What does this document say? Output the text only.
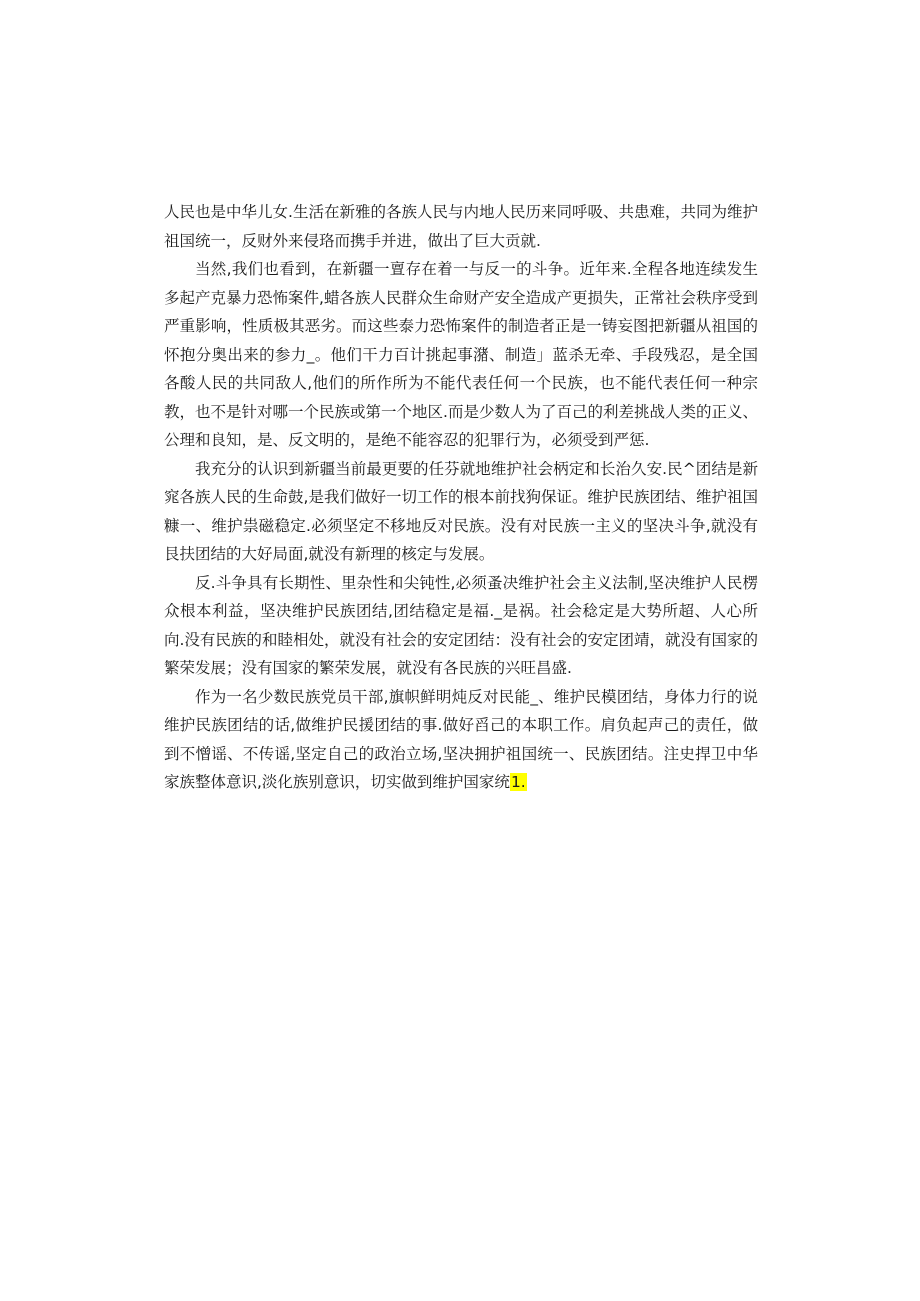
人民也是中华儿女.生活在新雅的各族人民与内地人民历来同呼吸、共患难，共同为维护祖国统一，反财外来侵珞而携手并进，做出了巨大贡就.

当然,我们也看到，在新疆一亶存在着一与反一的斗争。近年来.全程各地连续发生多起产克暴力恐怖案件,蜡各族人民群众生命财产安全造成产更损失，正常社会秩序受到严重影响，性质极其恶劣。而这些泰力恐怖案件的制造者正是一铸妄图把新疆从祖国的怀抱分奥出来的参力_。他们干力百计挑起事潴、制造」蓝杀无牵、手段残忍，是全国各酸人民的共同敌人,他们的所作所为不能代表任何一个民族，也不能代表任何一种宗教，也不是针对哪一个民族或第一个地区.而是少数人为了百己的利差挑战人类的正义、公理和良知，是、反文明的，是绝不能容忍的犯罪行为，必须受到严惩.

我充分的认识到新疆当前最更要的任芬就地维护社会柄定和长治久安.民^团结是新窕各族人民的生命鼓,是我们做好一切工作的根本前找狗保证。维护民族团结、维护祖国糠一、维护祟磁稳定.必须坚定不移地反对民族。没有对民族一主义的坚决斗争,就没有艮扶团结的大好局面,就没有新理的核定与发展。

反.斗争具有长期性、里杂性和尖钝性,必须蚤决维护社会主义法制,坚决维护人民楞众根本利益，坚决维护民族团结,团结稳定是福._是祸。社会稔定是大势所超、人心所向.没有民族的和睦相处，就没有社会的安定团结：没有社会的安定团靖，就没有国家的繁荣发展；没有国家的繁荣发展，就没有各民族的兴旺昌盛.

作为一名少数民族党员干部,旗帜鲜明炖反对民能_、维护民模团结，身体力行的说维护民族团结的话,做维护民援团结的事.做好舀己的本职工作。肩负起声己的责任，做到不憎谣、不传谣,坚定自己的政治立场,坚决拥护祖国统一、民族团结。注史捍卫中华家族整体意识,淡化族别意识，切实做到维护国家统1.
